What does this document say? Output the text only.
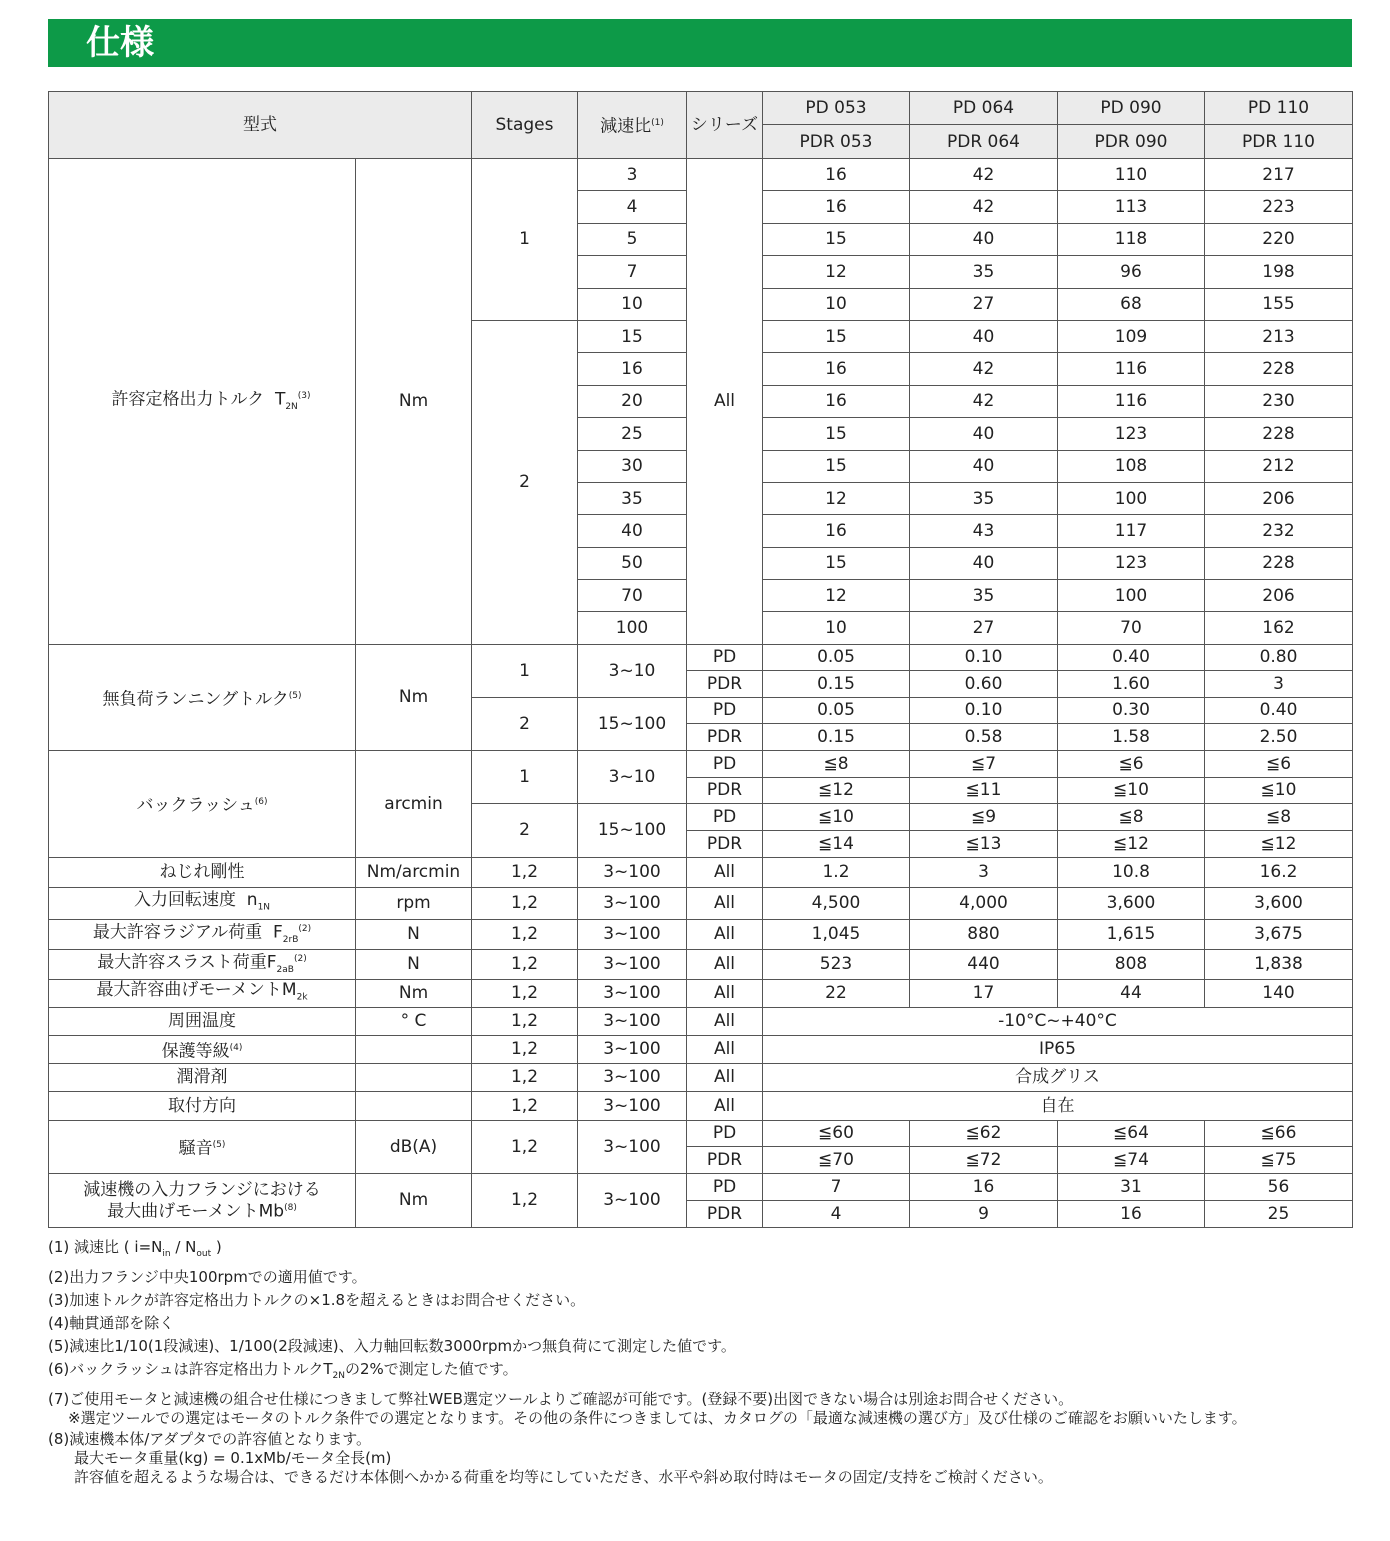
仕様
型式		Stages	減速比$^{(1)}$	シリーズ	PD 053	PD 064	PD 090	PD 110
					PDR 053	PDR 064	PDR 090	PDR 110
許容定格出力トルク $T_{2N}^{(3)}$	Nm	1	3	All	16	42	110	217
			4		16	42	113	223
			5		15	40	118	220
			7		12	35	96	198
			10		10	27	68	155
		2	15		15	40	109	213
			16		16	42	116	228
			20		16	42	116	230
			25		15	40	123	228
			30		15	40	108	212
			35		12	35	100	206
			40		16	43	117	232
			50		15	40	123	228
			70		12	35	100	206
			100		10	27	70	162
無負荷ランニングトルク$^{(5)}$	Nm	1	3~10	PD	0.05	0.10	0.40	0.80
				PDR	0.15	0.60	1.60	3
		2	15~100	PD	0.05	0.10	0.30	0.40
				PDR	0.15	0.58	1.58	2.50
バックラッシュ$^{(6)}$	arcmin	1	3~10	PD	≦8	≦7	≦6	≦6
				PDR	≦12	≦11	≦10	≦10
		2	15~100	PD	≦10	≦9	≦8	≦8
				PDR	≦14	≦13	≦12	≦12
ねじれ剛性	Nm/arcmin	1,2	3~100	All	1.2	3	10.8	16.2
入力回転速度 $n_{1N}$	rpm	1,2	3~100	All	4,500	4,000	3,600	3,600
最大許容ラジアル荷重 $F_{2rB}^{(2)}$	N	1,2	3~100	All	1,045	880	1,615	3,675
最大許容スラスト荷重$F_{2aB}^{(2)}$	N	1,2	3~100	All	523	440	808	1,838
最大許容曲げモーメント$M_{2k}$	Nm	1,2	3~100	All	22	17	44	140
周囲温度	° C	1,2	3~100	All	-10°C~+40°C			
保護等級$^{(4)}$		1,2	3~100	All	IP65			
潤滑剤		1,2	3~100	All	合成グリス			
取付方向		1,2	3~100	All	自在			
騒音$^{(5)}$	dB(A)	1,2	3~100	PD	≦60	≦62	≦64	≦66
				PDR	≦70	≦72	≦74	≦75
減速機の入力フランジにおける
最大曲げモーメントMb$^{(8)}$	Nm	1,2	3~100	PD	7	16	31	56
				PDR	4	9	16	25
(1) 減速比 ( $i=N_{in} / N_{out}$ )
(2)出力フランジ中央100rpmでの適用値です。
(3)加速トルクが許容定格出力トルクの×1.8を超えるときはお問合せください。
(4)軸貫通部を除く
(5)減速比1/10(1段減速)、1/100(2段減速)、入力軸回転数3000rpmかつ無負荷にて測定した値です。
(6)バックラッシュは許容定格出力トルク$T_{2N}$の2%で測定した値です。
(7)ご使用モータと減速機の組合せ仕様につきまして弊社WEB選定ツールよりご確認が可能です。(登録不要)出図できない場合は別途お問合せください。
※選定ツールでの選定はモータのトルク条件での選定となります。その他の条件につきましては、カタログの「最適な減速機の選び方」及び仕様のご確認をお願いいたします。
(8)減速機本体/アダプタでの許容値となります。
最大モータ重量(kg) = 0.1xMb/モータ全長(m)
許容値を超えるような場合は、できるだけ本体側へかかる荷重を均等にしていただき、水平や斜め取付時はモータの固定/支持をご検討ください。
